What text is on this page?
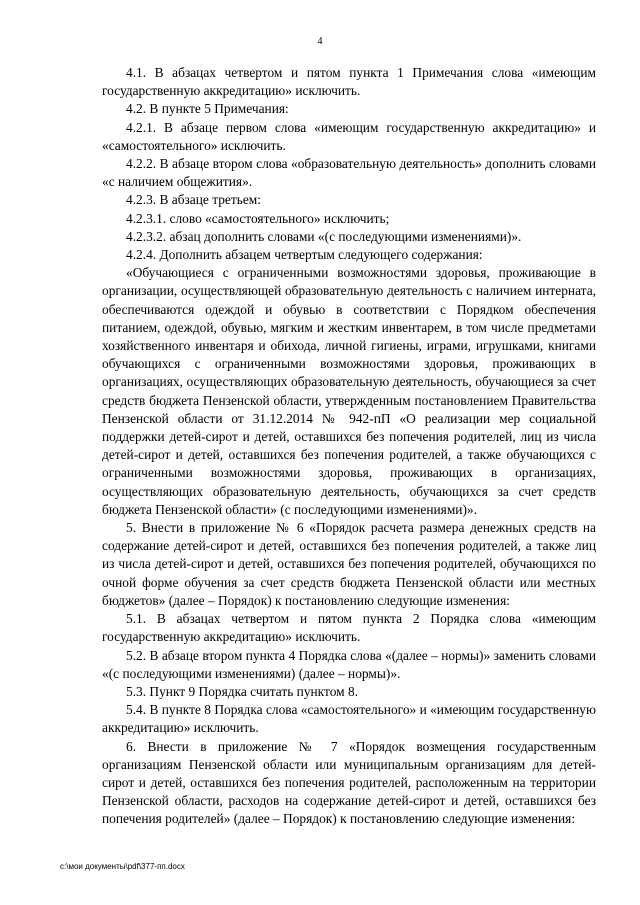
4

4.1. В абзацах четвертом и пятом пункта 1 Примечания слова «имеющим государственную аккредитацию» исключить.

4.2. В пункте 5 Примечания:

4.2.1. В абзаце первом слова «имеющим государственную аккредитацию» и «самостоятельного» исключить.

4.2.2. В абзаце втором слова «образовательную деятельность» дополнить словами «с наличием общежития».

4.2.3. В абзаце третьем:

4.2.3.1. слово «самостоятельного» исключить;

4.2.3.2. абзац дополнить словами «(с последующими изменениями)».

4.2.4. Дополнить абзацем четвертым следующего содержания:

«Обучающиеся с ограниченными возможностями здоровья, проживающие в организации, осуществляющей образовательную деятельность с наличием интерната, обеспечиваются одеждой и обувью в соответствии с Порядком обеспечения питанием, одеждой, обувью, мягким и жестким инвентарем, в том числе предметами хозяйственного инвентаря и обихода, личной гигиены, играми, игрушками, книгами обучающихся с ограниченными возможностями здоровья, проживающих в организациях, осуществляющих образовательную деятельность, обучающиеся за счет средств бюджета Пензенской области, утвержденным постановлением Правительства Пензенской области от 31.12.2014 № 942-пП «О реализации мер социальной поддержки детей-сирот и детей, оставшихся без попечения родителей, лиц из числа детей-сирот и детей, оставшихся без попечения родителей, а также обучающихся с ограниченными возможностями здоровья, проживающих в организациях, осуществляющих образовательную деятельность, обучающихся за счет средств бюджета Пензенской области» (с последующими изменениями)».

5. Внести в приложение № 6 «Порядок расчета размера денежных средств на содержание детей-сирот и детей, оставшихся без попечения родителей, а также лиц из числа детей-сирот и детей, оставшихся без попечения родителей, обучающихся по очной форме обучения за счет средств бюджета Пензенской области или местных бюджетов» (далее – Порядок) к постановлению следующие изменения:

5.1. В абзацах четвертом и пятом пункта 2 Порядка слова «имеющим государственную аккредитацию» исключить.

5.2. В абзаце втором пункта 4 Порядка слова «(далее – нормы)» заменить словами «(с последующими изменениями) (далее – нормы)».

5.3. Пункт 9 Порядка считать пунктом 8.

5.4. В пункте 8 Порядка слова «самостоятельного» и «имеющим государственную аккредитацию» исключить.

6. Внести в приложение № 7 «Порядок возмещения государственным организациям Пензенской области или муниципальным организациям для детей-сирот и детей, оставшихся без попечения родителей, расположенным на территории Пензенской области, расходов на содержание детей-сирот и детей, оставшихся без попечения родителей» (далее – Порядок) к постановлению следующие изменения:

c:\мои документы\pdf\377-пп.docx
